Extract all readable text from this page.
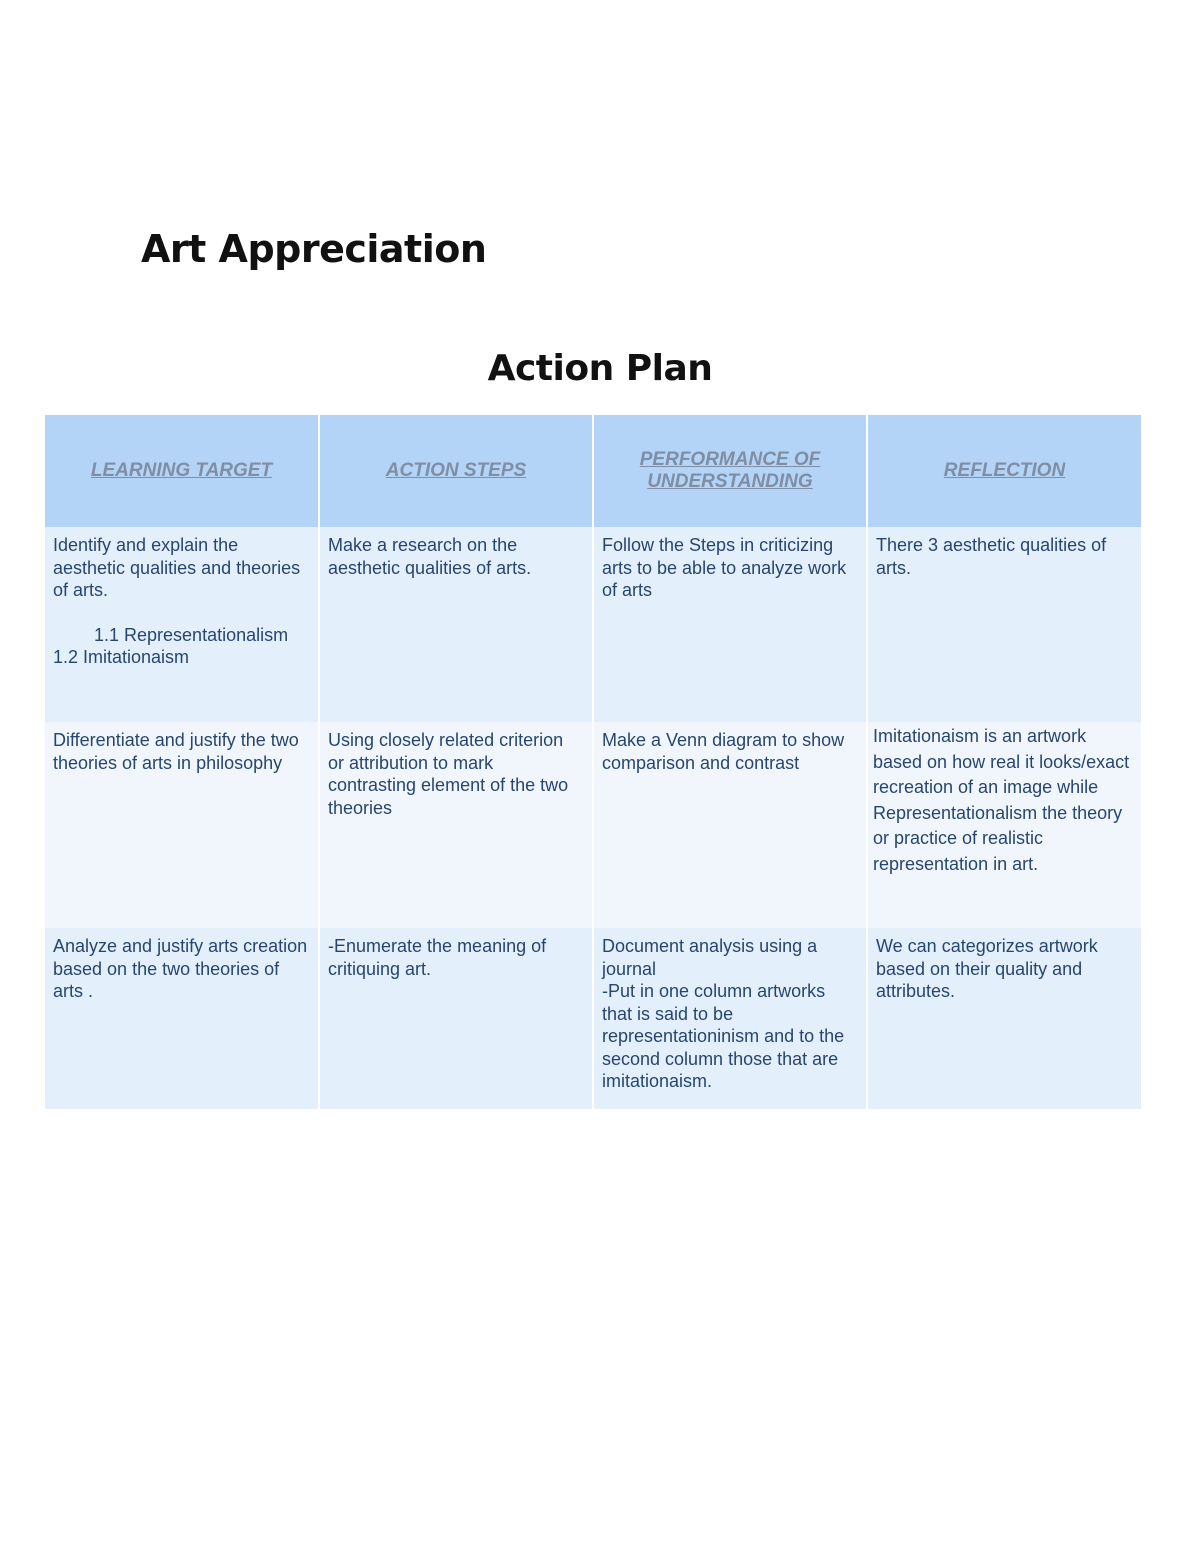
Art Appreciation
Action Plan
LEARNING TARGET	ACTION STEPS	PERFORMANCE OF UNDERSTANDING	REFLECTION

Identify and explain the aesthetic qualities and theories of arts.
1.1 Representationalism
1.2 Imitationaism	Make a research on the aesthetic qualities of arts.	Follow the Steps in criticizing arts to be able to analyze work of arts	There 3 aesthetic qualities of arts.

Differentiate and justify the two theories of arts in philosophy	Using closely related criterion or attribution to mark contrasting element of the two theories	Make a Venn diagram to show comparison and contrast	Imitationaism is an artwork based on how real it looks/exact recreation of an image while Representationalism the theory or practice of realistic representation in art.

Analyze and justify arts creation based on the two theories of arts .	-Enumerate the meaning of critiquing art.	Document analysis using a journal
-Put in one column artworks that is said to be representationinism and to the second column those that are imitationaism.	We can categorizes artwork based on their quality and attributes.
